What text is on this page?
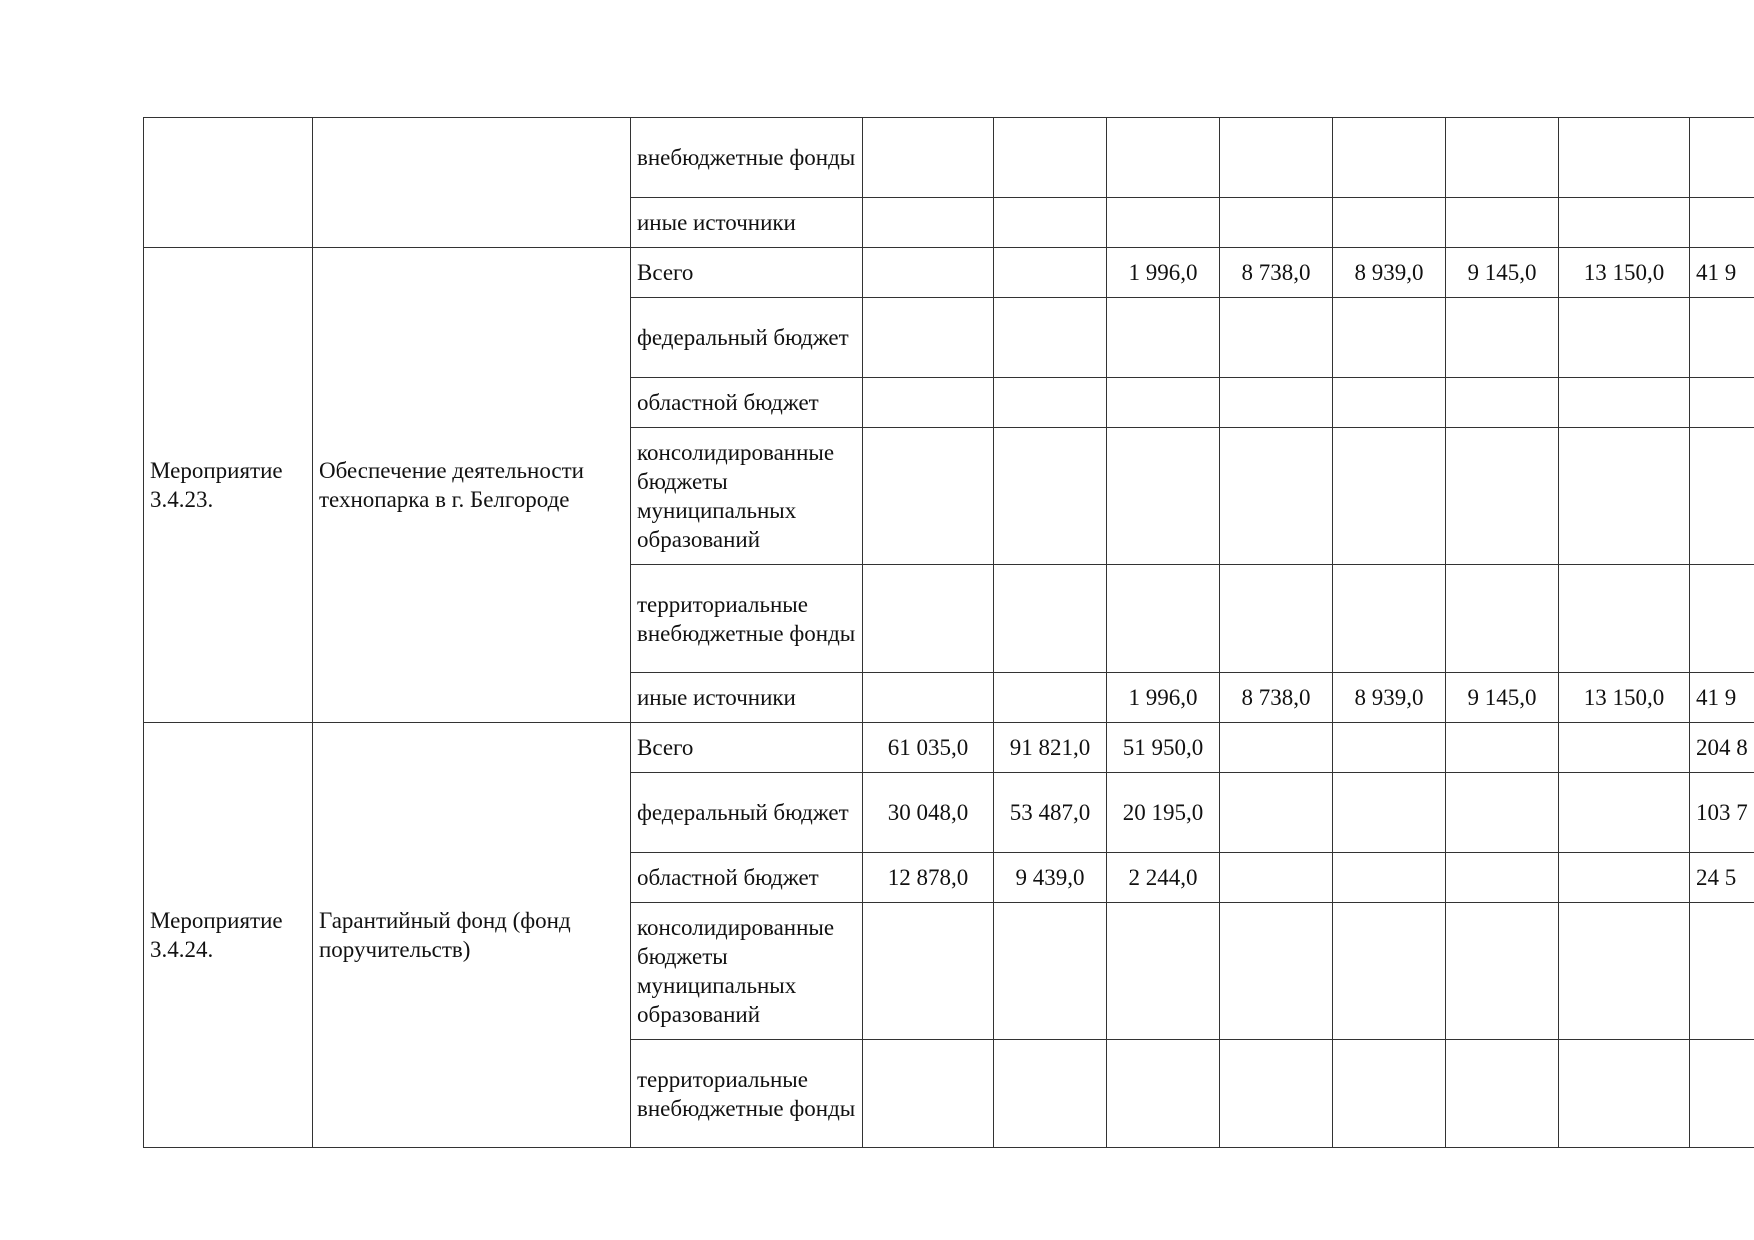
		внебюджетные фонды										
		иные источники										
Мероприятие 3.4.23.	Обеспечение деятельности технопарка в г. Белгороде	Всего			1 996,0	8 738,0	8 939,0	9 145,0	13 150,0	41 9		
		федеральный бюджет										
		областной бюджет										
		консолидированные бюджеты муниципальных образований										
		территориальные внебюджетные фонды										
		иные источники			1 996,0	8 738,0	8 939,0	9 145,0	13 150,0	41 9		
Мероприятие 3.4.24.	Гарантийный фонд (фонд поручительств)	Всего	61 035,0	91 821,0	51 950,0					204 8		
		федеральный бюджет	30 048,0	53 487,0	20 195,0					103 7		
		областной бюджет	12 878,0	9 439,0	2 244,0					24 5		
		консолидированные бюджеты муниципальных образований										
		территориальные внебюджетные фонды										
